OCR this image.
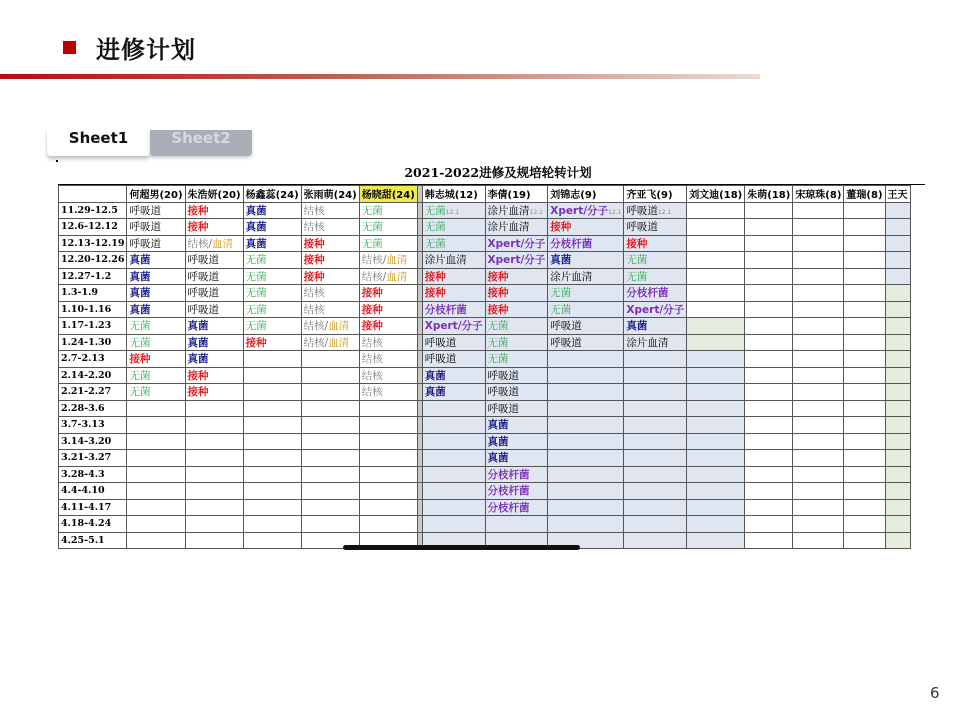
进修计划
Sheet1	Sheet2
2021-2022进修及规培轮转计划
	何超男(20)	朱浩妍(20)	杨鑫蕊(24)	张雨萌(24)	杨晓甜(24)		韩志城(12)	李倩(19)	刘锦志(9)	齐亚飞(9)	刘文迪(18)	朱萌(18)	宋琼珠(8)	董瑞(8)	王天
11.29-12.5	呼吸道	接种	真菌	结核	无菌		无菌12.1	涂片血清12.1	Xpert/分子12.1	呼吸道12.1					
12.6-12.12	呼吸道	接种	真菌	结核	无菌		无菌	涂片血清	接种	呼吸道					
12.13-12.19	呼吸道	结核/血清	真菌	接种	无菌		无菌	Xpert/分子	分枝杆菌	接种					
12.20-12.26	真菌	呼吸道	无菌	接种	结核/血清		涂片血清	Xpert/分子	真菌	无菌					
12.27-1.2	真菌	呼吸道	无菌	接种	结核/血清		接种	接种	涂片血清	无菌					
1.3-1.9	真菌	呼吸道	无菌	结核	接种		接种	接种	无菌	分枝杆菌					
1.10-1.16	真菌	呼吸道	无菌	结核	接种		分枝杆菌	接种	无菌	Xpert/分子					
1.17-1.23	无菌	真菌	无菌	结核/血清	接种		Xpert/分子	无菌	呼吸道	真菌					
1.24-1.30	无菌	真菌	接种	结核/血清	结核		呼吸道	无菌	呼吸道	涂片血清					
2.7-2.13	接种	真菌			结核		呼吸道	无菌							
2.14-2.20	无菌	接种			结核		真菌	呼吸道							
2.21-2.27	无菌	接种			结核		真菌	呼吸道							
2.28-3.6								呼吸道							
3.7-3.13								真菌							
3.14-3.20								真菌							
3.21-3.27								真菌							
3.28-4.3								分枝杆菌							
4.4-4.10								分枝杆菌							
4.11-4.17								分枝杆菌							
4.18-4.24															
4.25-5.1															
6
